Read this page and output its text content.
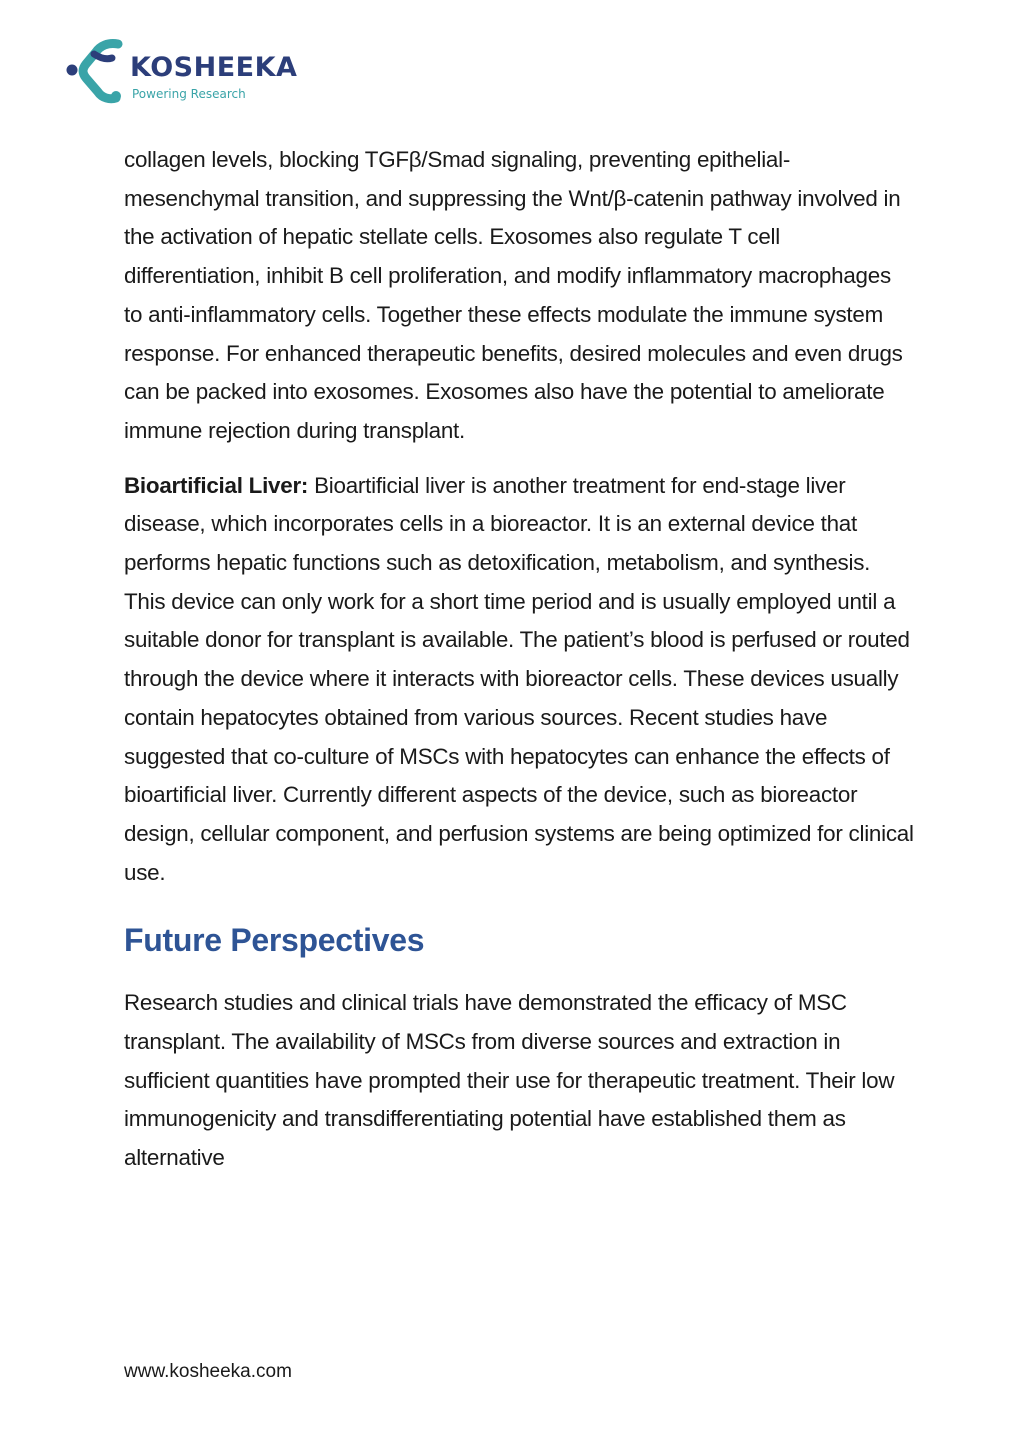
KOSHEEKA
Powering Research

collagen levels, blocking TGFβ/Smad signaling, preventing epithelial-mesenchymal transition, and suppressing the Wnt/β-catenin pathway involved in the activation of hepatic stellate cells. Exosomes also regulate T cell differentiation, inhibit B cell proliferation, and modify inflammatory macrophages to anti-inflammatory cells. Together these effects modulate the immune system response. For enhanced therapeutic benefits, desired molecules and even drugs can be packed into exosomes. Exosomes also have the potential to ameliorate immune rejection during transplant.

Bioartificial Liver: Bioartificial liver is another treatment for end-stage liver disease, which incorporates cells in a bioreactor. It is an external device that performs hepatic functions such as detoxification, metabolism, and synthesis. This device can only work for a short time period and is usually employed until a suitable donor for transplant is available. The patient’s blood is perfused or routed through the device where it interacts with bioreactor cells. These devices usually contain hepatocytes obtained from various sources. Recent studies have suggested that co-culture of MSCs with hepatocytes can enhance the effects of bioartificial liver. Currently different aspects of the device, such as bioreactor design, cellular component, and perfusion systems are being optimized for clinical use.

Future Perspectives

Research studies and clinical trials have demonstrated the efficacy of MSC transplant. The availability of MSCs from diverse sources and extraction in sufficient quantities have prompted their use for therapeutic treatment. Their low immunogenicity and transdifferentiating potential have established them as alternative

www.kosheeka.com
